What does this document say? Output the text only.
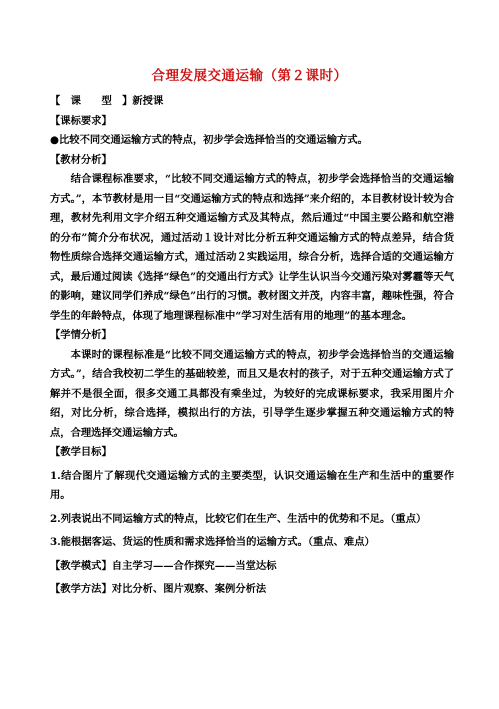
合理发展交通运输（第２课时）

【　课　　型　】新授课

【课标要求】

●比较不同交通运输方式的特点，初步学会选择恰当的交通运输方式。

【教材分析】

结合课程标准要求，“比较不同交通运输方式的特点，初步学会选择恰当的交通运输方式。”，本节教材是用一目“交通运输方式的特点和选择”来介绍的，本目教材设计较为合理，教材先利用文字介绍五种交通运输方式及其特点，然后通过“中国主要公路和航空港的分布”简介分布状况，通过活动１设计对比分析五种交通运输方式的特点差异，结合货物性质综合选择交通运输方式，通过活动２实践运用，综合分析，选择合适的交通运输方式，最后通过阅读《选择“绿色”的交通出行方式》让学生认识当今交通污染对雾霾等天气的影响，建议同学们养成“绿色”出行的习惯。教材图文并茂，内容丰富，趣味性强，符合学生的年龄特点，体现了地理课程标准中“学习对生活有用的地理”的基本理念。

【学情分析】

本课时的课程标准是“比较不同交通运输方式的特点，初步学会选择恰当的交通运输方式。”，结合我校初二学生的基础较差，而且又是农村的孩子，对于五种交通运输方式了解并不是很全面，很多交通工具都没有乘坐过，为较好的完成课标要求，我采用图片介绍，对比分析，综合选择，模拟出行的方法，引导学生逐步掌握五种交通运输方式的特点，合理选择交通运输方式。

【教学目标】

1.结合图片了解现代交通运输方式的主要类型，认识交通运输在生产和生活中的重要作用。

2.列表说出不同运输方式的特点，比较它们在生产、生活中的优势和不足。（重点）

3.能根据客运、货运的性质和需求选择恰当的运输方式。（重点、难点）

【教学模式】自主学习——合作探究——当堂达标

【教学方法】对比分析、图片观察、案例分析法
